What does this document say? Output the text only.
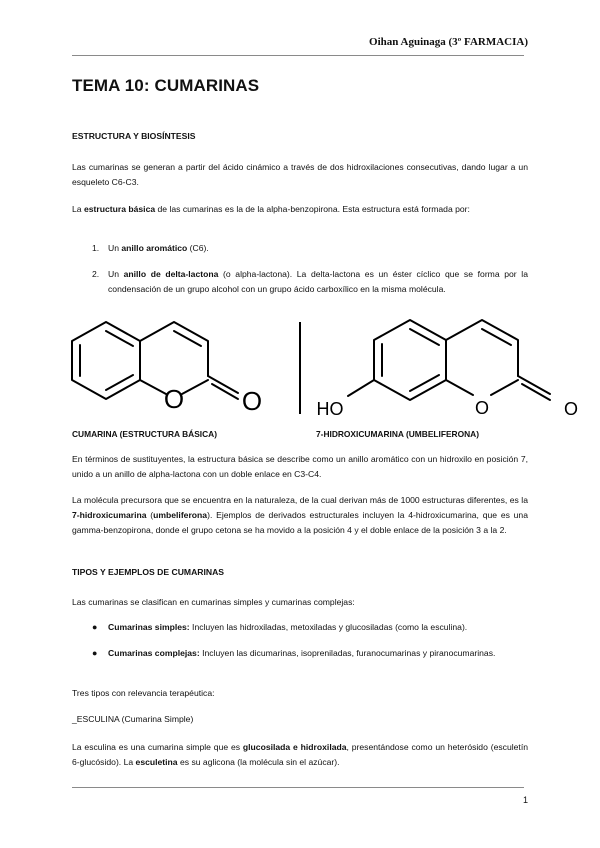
Oihan Aguinaga (3º FARMACIA)
TEMA 10: CUMARINAS
ESTRUCTURA Y BIOSÍNTESIS

Las cumarinas se generan a partir del ácido cinámico a través de dos hidroxilaciones consecutivas, dando lugar a un esqueleto C6-C3.

La estructura básica de las cumarinas es la de la alpha-benzopirona. Esta estructura está formada por:

1. Un anillo aromático (C6).
2. Un anillo de delta-lactona (o alpha-lactona). La delta-lactona es un éster cíclico que se forma por la condensación de un grupo alcohol con un grupo ácido carboxílico en la misma molécula.
O O	HO	O	O
CUMARINA (ESTRUCTURA BÁSICA)	7-HIDROXICUMARINA (UMBELIFERONA)

En términos de sustituyentes, la estructura básica se describe como un anillo aromático con un hidroxilo en posición 7, unido a un anillo de alpha-lactona con un doble enlace en C3-C4.

La molécula precursora que se encuentra en la naturaleza, de la cual derivan más de 1000 estructuras diferentes, es la 7-hidroxicumarina (umbeliferona). Ejemplos de derivados estructurales incluyen la 4-hidroxicumarina, que es una gamma-benzopirona, donde el grupo cetona se ha movido a la posición 4 y el doble enlace de la posición 3 a la 2.

TIPOS Y EJEMPLOS DE CUMARINAS

Las cumarinas se clasifican en cumarinas simples y cumarinas complejas:

● Cumarinas simples: Incluyen las hidroxiladas, metoxiladas y glucosiladas (como la esculina).
● Cumarinas complejas: Incluyen las dicumarinas, isopreniladas, furanocumarinas y piranocumarinas.

Tres tipos con relevancia terapéutica:

_ESCULINA (Cumarina Simple)

La esculina es una cumarina simple que es glucosilada e hidroxilada, presentándose como un heterósido (esculetín 6-glucósido). La esculetina es su aglicona (la molécula sin el azúcar).

1
